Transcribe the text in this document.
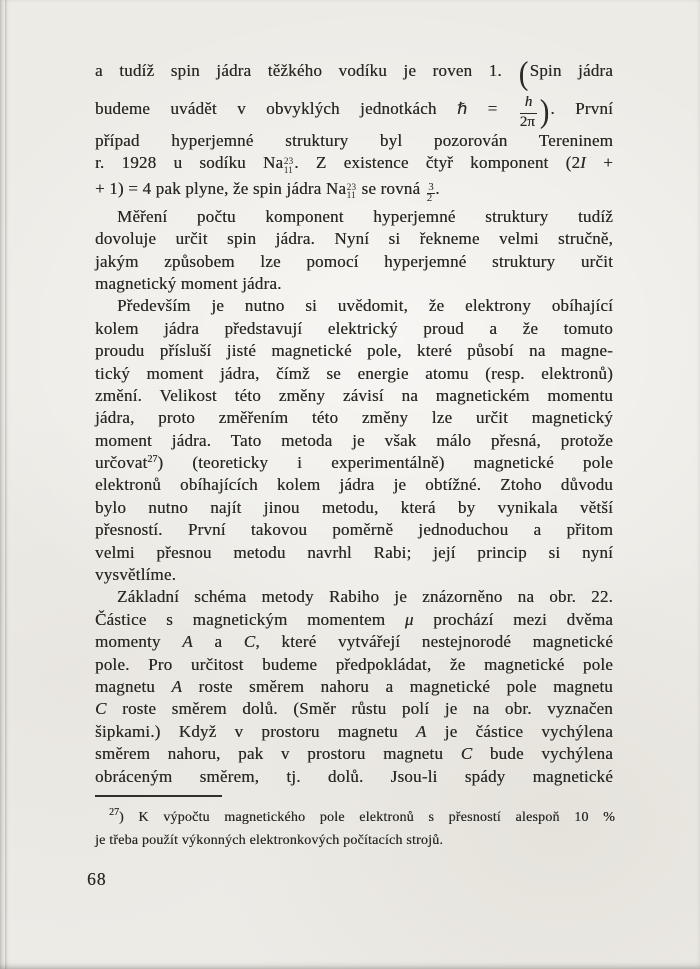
a tudíž spin jádra těžkého vodíku je roven 1. (Spin jádra
budeme uvádět v obvyklých jednotkách ℏ = $\frac{h}{2\pi}$ ). První
případ hyperjemné struktury byl pozorován Tereninem
r. 1928 u sodíku Na 23
11 . Z existence čtyř komponent (2I +
+ 1) = 4 pak plyne, že spin jádra Na 23
11 se rovná $\frac{3}{2}$ .
Měření počtu komponent hyperjemné struktury tudíž
dovoluje určit spin jádra. Nyní si řekneme velmi stručně,
jakým způsobem lze pomocí hyperjemné struktury určit
magnetický moment jádra.
Především je nutno si uvědomit, že elektrony obíhající
kolem jádra představují elektrický proud a že tomuto
proudu přísluší jisté magnetické pole, které působí na magne-
tický moment jádra, čímž se energie atomu (resp. elektronů)
změní. Velikost této změny závisí na magnetickém momentu
jádra, proto změřením této změny lze určit magnetický
moment jádra. Tato metoda je však málo přesná, protože
určovat$^{27}$) (teoreticky i experimentálně) magnetické pole
elektronů obíhajících kolem jádra je obtížné. Ztoho důvodu
bylo nutno najít jinou metodu, která by vynikala větší
přesností. První takovou poměrně jednoduchou a přitom
velmi přesnou metodu navrhl Rabi; její princip si nyní
vysvětlíme.
Základní schéma metody Rabiho je znázorněno na obr. 22.
Částice s magnetickým momentem μ prochází mezi dvěma
momenty A a C, které vytvářejí nestejnorodé magnetické
pole. Pro určitost budeme předpokládat, že magnetické pole
magnetu A roste směrem nahoru a magnetické pole magnetu
C roste směrem dolů. (Směr růstu polí je na obr. vyznačen
šipkami.) Když v prostoru magnetu A je částice vychýlena
směrem nahoru, pak v prostoru magnetu C bude vychýlena
obráceným směrem, tj. dolů. Jsou-li spády magnetické
$^{27}$) K výpočtu magnetického pole elektronů s přesností alespoň 10 %
je třeba použít výkonných elektronkových počítacích strojů.
68
